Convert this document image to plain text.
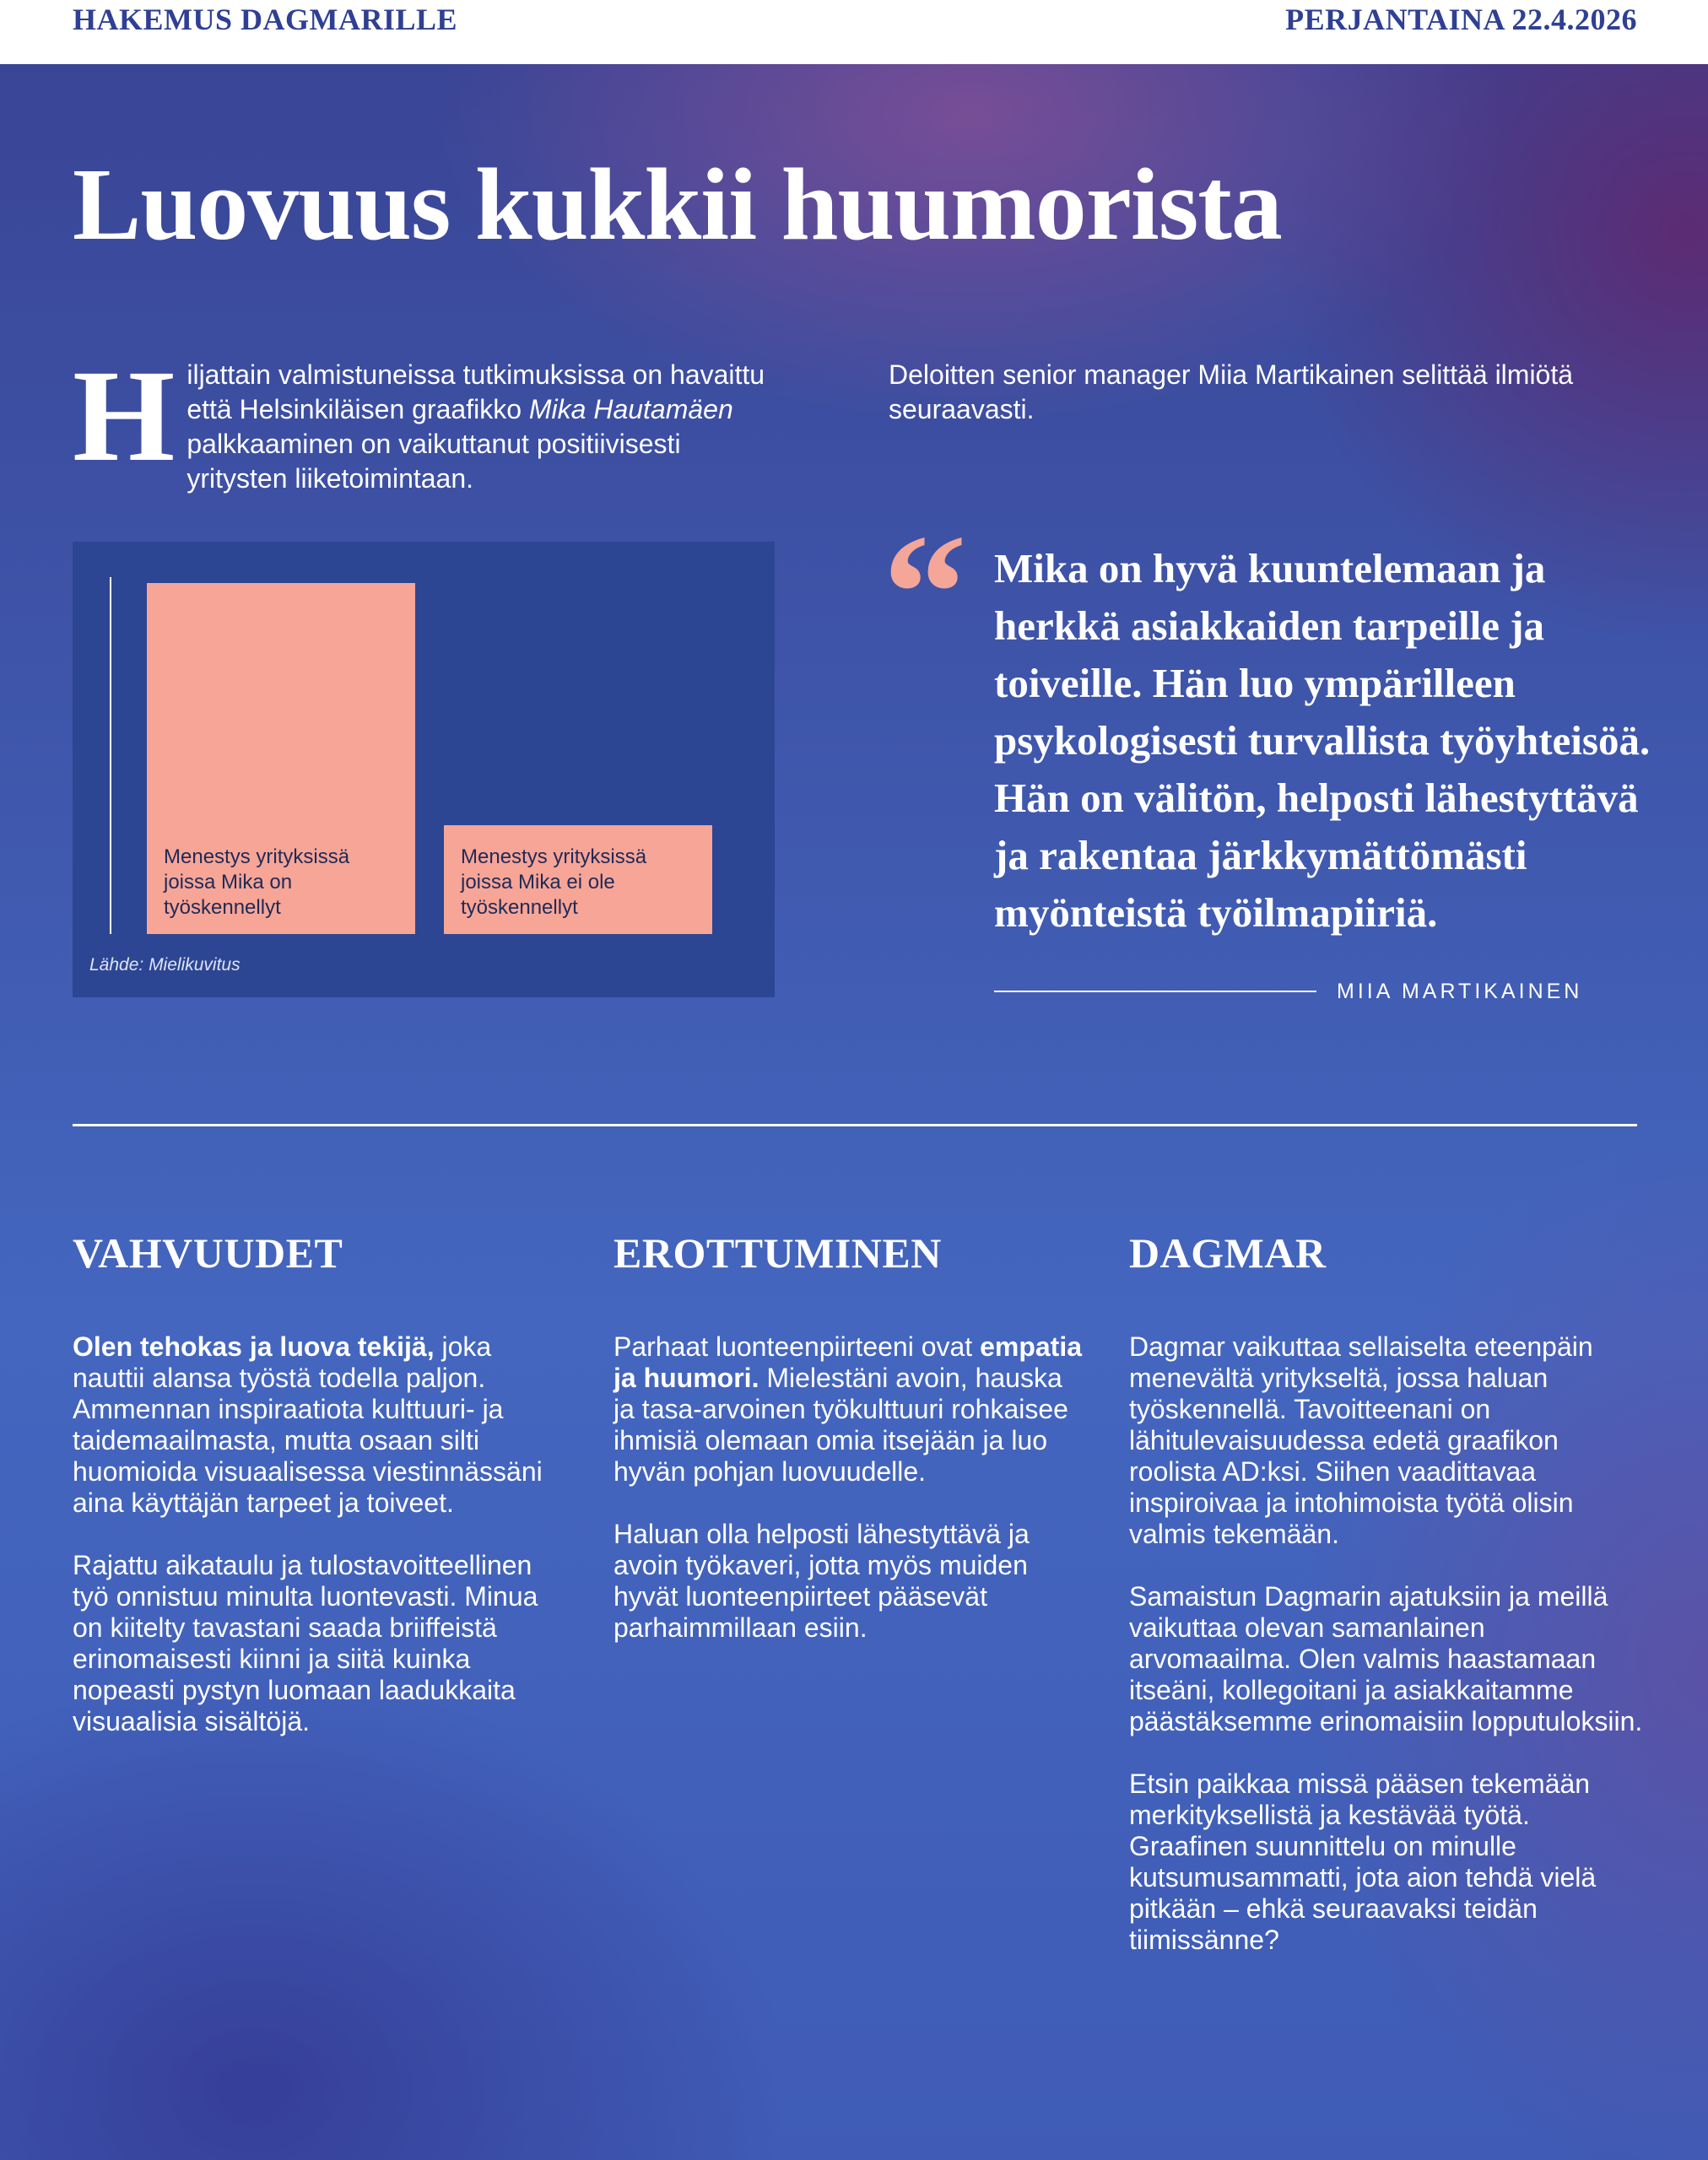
HAKEMUS DAGMARILLE	PERJANTAINA 22.4.2026
Luovuus kukkii huumorista
Hiljattain valmistuneissa tutkimuksissa on havaittu että Helsinkiläisen graafikko Mika Hautamäen palkkaaminen on vaikuttanut positiivisesti yritysten liiketoimintaan.
Menestys yrityksissä joissa Mika on työskennellyt
Menestys yrityksissä joissa Mika ei ole työskennellyt
Lähde: Mielikuvitus
Deloitten senior manager Miia Martikainen selittää ilmiötä seuraavasti.
“ Mika on hyvä kuuntelemaan ja herkkä asiakkaiden tarpeille ja toiveille. Hän luo ympärilleen psykologisesti turvallista työyhteisöä. Hän on välitön, helposti lähestyttävä ja rakentaa järkkymättömästi myönteistä työilmapiiriä.
MIIA MARTIKAINEN
VAHVUUDET

Olen tehokas ja luova tekijä, joka nauttii alansa työstä todella paljon. Ammennan inspiraatiota kulttuuri- ja taidemaailmasta, mutta osaan silti huomioida visuaalisessa viestinnässäni aina käyttäjän tarpeet ja toiveet.

Rajattu aikataulu ja tulostavoitteellinen työ onnistuu minulta luontevasti. Minua on kiitelty tavastani saada briiffeistä erinomaisesti kiinni ja siitä kuinka nopeasti pystyn luomaan laadukkaita visuaalisia sisältöjä.

EROTTUMINEN

Parhaat luonteenpiirteeni ovat empatia ja huumori. Mielestäni avoin, hauska ja tasa-arvoinen työkulttuuri rohkaisee ihmisiä olemaan omia itsejään ja luo hyvän pohjan luovuudelle.

Haluan olla helposti lähestyttävä ja avoin työkaveri, jotta myös muiden hyvät luonteenpiirteet pääsevät parhaimmillaan esiin.

DAGMAR

Dagmar vaikuttaa sellaiselta eteenpäin menevältä yritykseltä, jossa haluan työskennellä. Tavoitteenani on lähitulevaisuudessa edetä graafikon roolista AD:ksi. Siihen vaadittavaa inspiroivaa ja intohimoista työtä olisin valmis tekemään.

Samaistun Dagmarin ajatuksiin ja meillä vaikuttaa olevan samanlainen arvomaailma. Olen valmis haastamaan itseäni, kollegoitani ja asiakkaitamme päästäksemme erinomaisiin lopputuloksiin.

Etsin paikkaa missä pääsen tekemään merkityksellistä ja kestävää työtä. Graafinen suunnittelu on minulle kutsumusammatti, jota aion tehdä vielä pitkään – ehkä seuraavaksi teidän tiimissänne?
